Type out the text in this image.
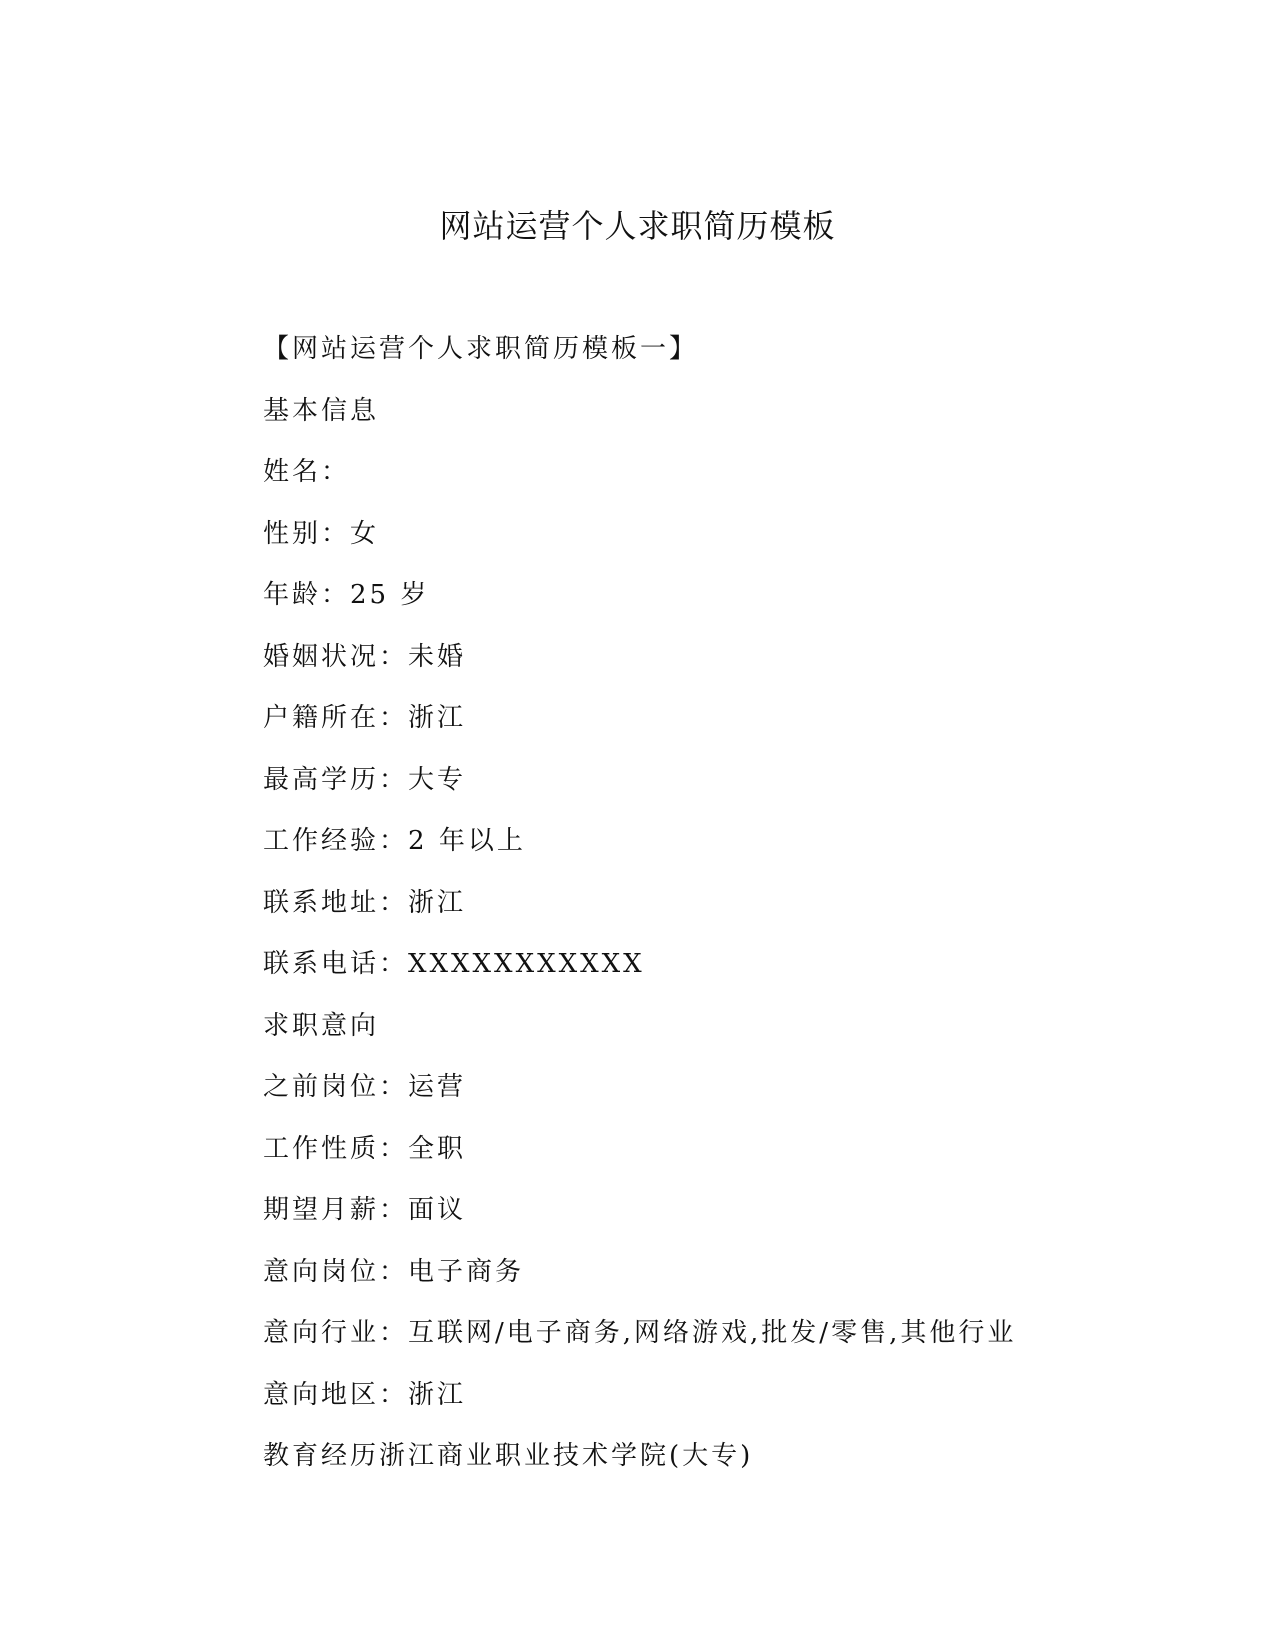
网站运营个人求职简历模板
【网站运营个人求职简历模板一】
基本信息
姓名：
性别：女
年龄：25 岁
婚姻状况：未婚
户籍所在：浙江
最高学历：大专
工作经验：2 年以上
联系地址：浙江
联系电话：XXXXXXXXXXX
求职意向
之前岗位：运营
工作性质：全职
期望月薪：面议
意向岗位：电子商务
意向行业：互联网/电子商务,网络游戏,批发/零售,其他行业
意向地区：浙江
教育经历浙江商业职业技术学院(大专)
